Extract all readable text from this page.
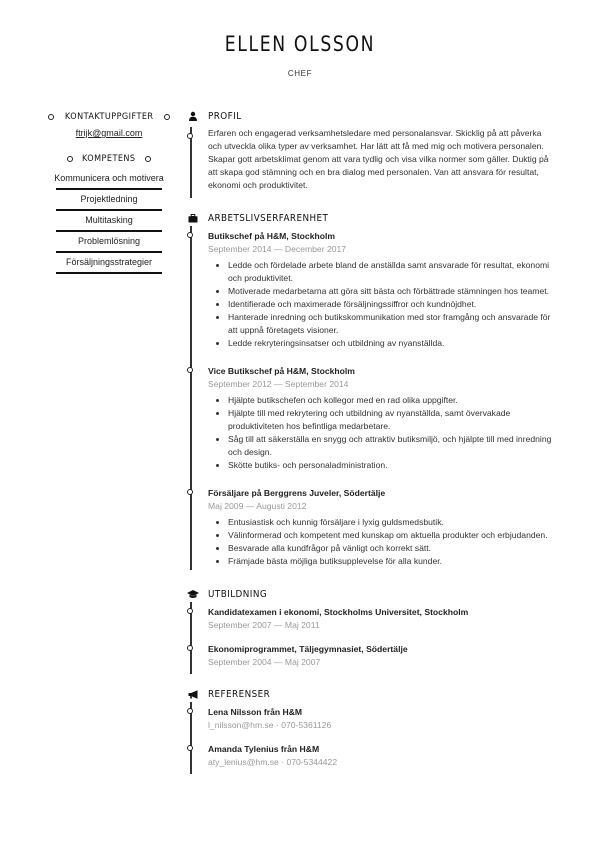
ELLEN OLSSON
CHEF
KONTAKTUPPGIFTER
ftrijk@gmail.com
KOMPETENS
Kommunicera och motivera
Projektledning
Multitasking
Problemlösning
Försäljningsstrategier
PROFIL

Erfaren och engagerad verksamhetsledare med personalansvar. Skicklig på att påverka och utveckla olika typer av verksamhet. Har lätt att få med mig och motivera personalen. Skapar gott arbetsklimat genom att vara tydlig och visa vilka normer som gäller. Duktig på att skapa god stämning och en bra dialog med personalen. Van att ansvara för resultat, ekonomi och produktivitet.

ARBETSLIVSERFARENHET
Butikschef på H&M, Stockholm
September 2014 — December 2017
• Ledde och fördelade arbete bland de anställda samt ansvarade för resultat, ekonomi och produktivitet.
• Motiverade medarbetarna att göra sitt bästa och förbättrade stämningen hos teamet.
• Identifierade och maximerade försäljningssiffror och kundnöjdhet.
• Hanterade inredning och butikskommunikation med stor framgång och ansvarade för att uppnå företagets visioner.
• Ledde rekryteringsinsatser och utbildning av nyanställda.
Vice Butikschef på H&M, Stockholm
September 2012 — September 2014
• Hjälpte butikschefen och kollegor med en rad olika uppgifter.
• Hjälpte till med rekrytering och utbildning av nyanställda, samt övervakade produktiviteten hos befintliga medarbetare.
• Såg till att säkerställa en snygg och attraktiv butiksmiljö, och hjälpte till med inredning och design.
• Skötte butiks- och personaladministration.
Försäljare på Berggrens Juveler, Södertälje
Maj 2009 — Augusti 2012
• Entusiastisk och kunnig försäljare i lyxig guldsmedsbutik.
• Välinformerad och kompetent med kunskap om aktuella produkter och erbjudanden.
• Besvarade alla kundfrågor på vänligt och korrekt sätt.
• Främjade bästa möjliga butiksupplevelse för alla kunder.
UTBILDNING
Kandidatexamen i ekonomi, Stockholms Universitet, Stockholm
September 2007 — Maj 2011
Ekonomiprogrammet, Täljegymnasiet, Södertälje
September 2004 — Maj 2007
REFERENSER
Lena Nilsson från H&M
l_nilsson@hm.se · 070-5361126
Amanda Tylenius från H&M
aty_lenius@hm.se · 070-5344422
